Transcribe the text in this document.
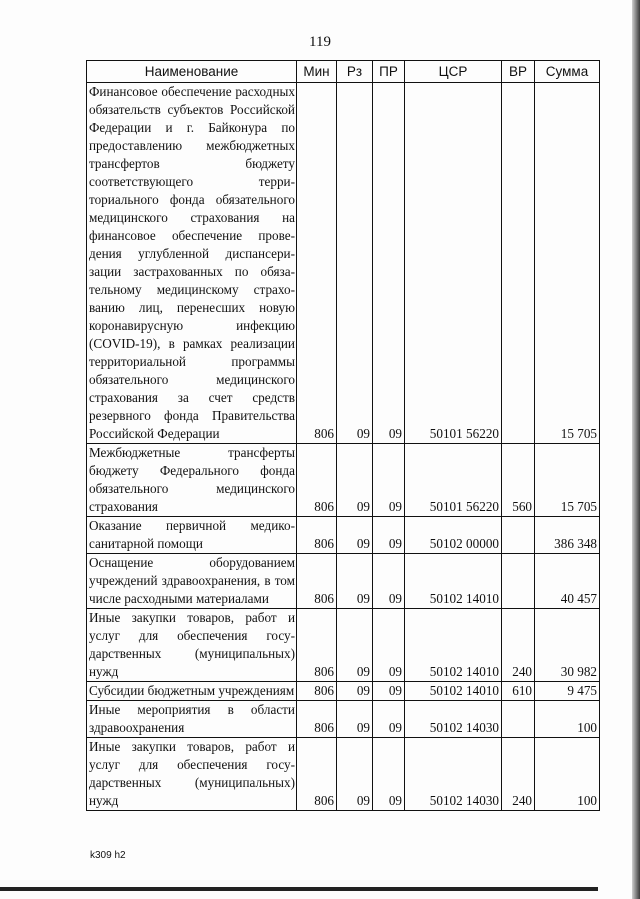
119
Наименование	Мин	Рз	ПР	ЦСР	ВР	Сумма
Финансовое обеспечение расходных обязательств субъектов Российской Федерации и г. Байконура по предоставлению межбюджетных трансфертов бюджету соответствующего территориального фонда обязательного медицинского страхования на финансовое обеспечение проведения углубленной диспансеризации застрахованных по обязательному медицинскому страхованию лиц, перенесших новую коронавирусную инфекцию (COVID-19), в рамках реализации территориальной программы обязательного медицинского страхования за счет средств резервного фонда Правительства Российской Федерации	806	09	09	50101 56220		15 705
Межбюджетные трансферты бюджету Федерального фонда обязательного медицинского страхования	806	09	09	50101 56220	560	15 705
Оказание первичной медикосанитарной помощи	806	09	09	50102 00000		386 348
Оснащение оборудованием учреждений здравоохранения, в том числе расходными материалами	806	09	09	50102 14010		40 457
Иные закупки товаров, работ и услуг для обеспечения государственных (муниципальных) нужд	806	09	09	50102 14010	240	30 982
Субсидии бюджетным учреждениям	806	09	09	50102 14010	610	9 475
Иные мероприятия в области здравоохранения	806	09	09	50102 14030		100
Иные закупки товаров, работ и услуг для обеспечения государственных (муниципальных) нужд	806	09	09	50102 14030	240	100
k309 h2
